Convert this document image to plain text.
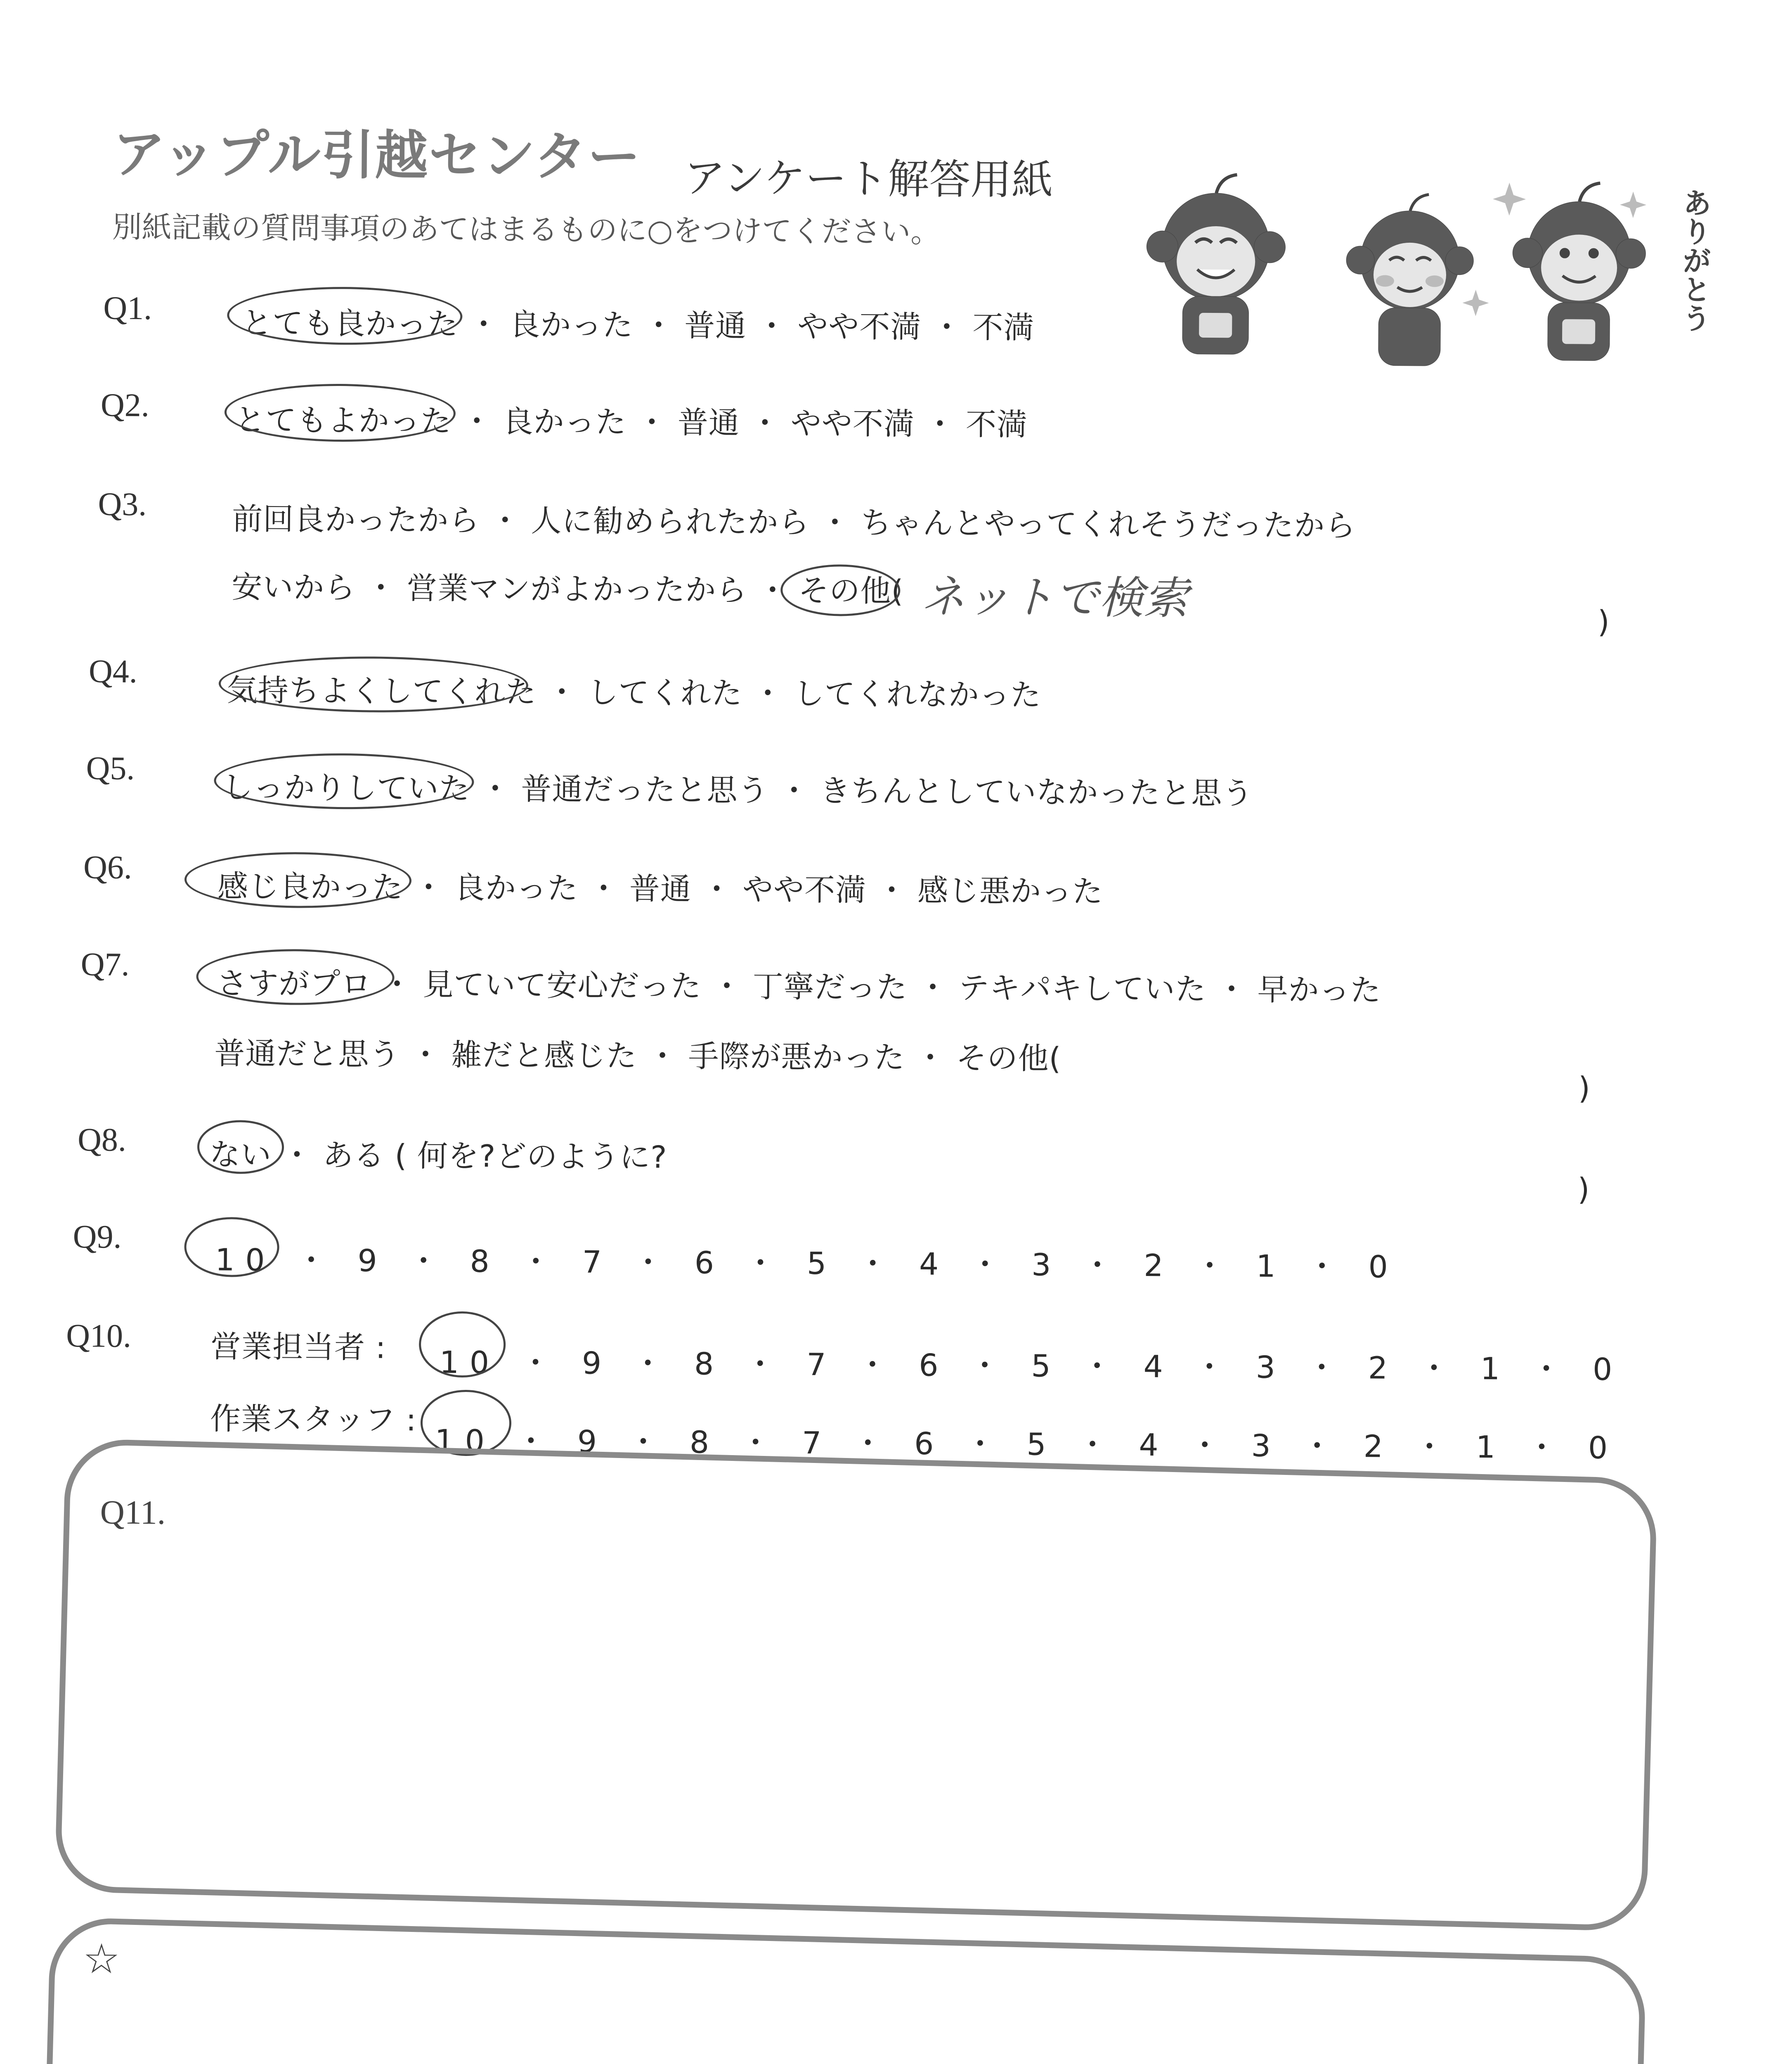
アップル引越センター アンケート解答用紙
別紙記載の質問事項のあてはまるものに○をつけてください。	ありがとう
Q1.	とても良かった ・ 良かった ・ 普通 ・ やや不満 ・ 不満
Q2.	とてもよかった ・ 良かった ・ 普通 ・ やや不満 ・ 不満
Q3.	前回良かったから ・ 人に勧められたから ・ ちゃんとやってくれそうだったから
安いから ・ 営業マンがよかったから ・ その他( ネットで検索	)
Q4.
気持ちよくしてくれた ・ してくれた ・ してくれなかった
Q5.
しっかりしていた ・ 普通だったと思う ・ きちんとしていなかったと思う
Q6.
感じ良かった ・ 良かった ・ 普通 ・ やや不満 ・ 感じ悪かった
Q7.
さすがプロ ・ 見ていて安心だった ・ 丁寧だった ・ テキパキしていた ・ 早かった
普通だと思う ・ 雑だと感じた ・ 手際が悪かった ・ その他(
)
Q8.	ない ・ ある ( 何を?どのように?
)
Q9.
10 ・ 9 ・ 8 ・ 7 ・ 6 ・ 5 ・ 4 ・ 3 ・ 2 ・ 1 ・ 0
Q10.	営業担当者 : 10 ・ 9 ・ 8 ・ 7 ・ 6 ・ 5 ・ 4 ・ 3 ・ 2 ・ 1 ・ 0
作業スタッフ :
10 ・ 9 ・ 8 ・ 7 ・ 6 ・ 5 ・ 4 ・ 3 ・ 2 ・ 1 ・ 0
Q11.
☆
